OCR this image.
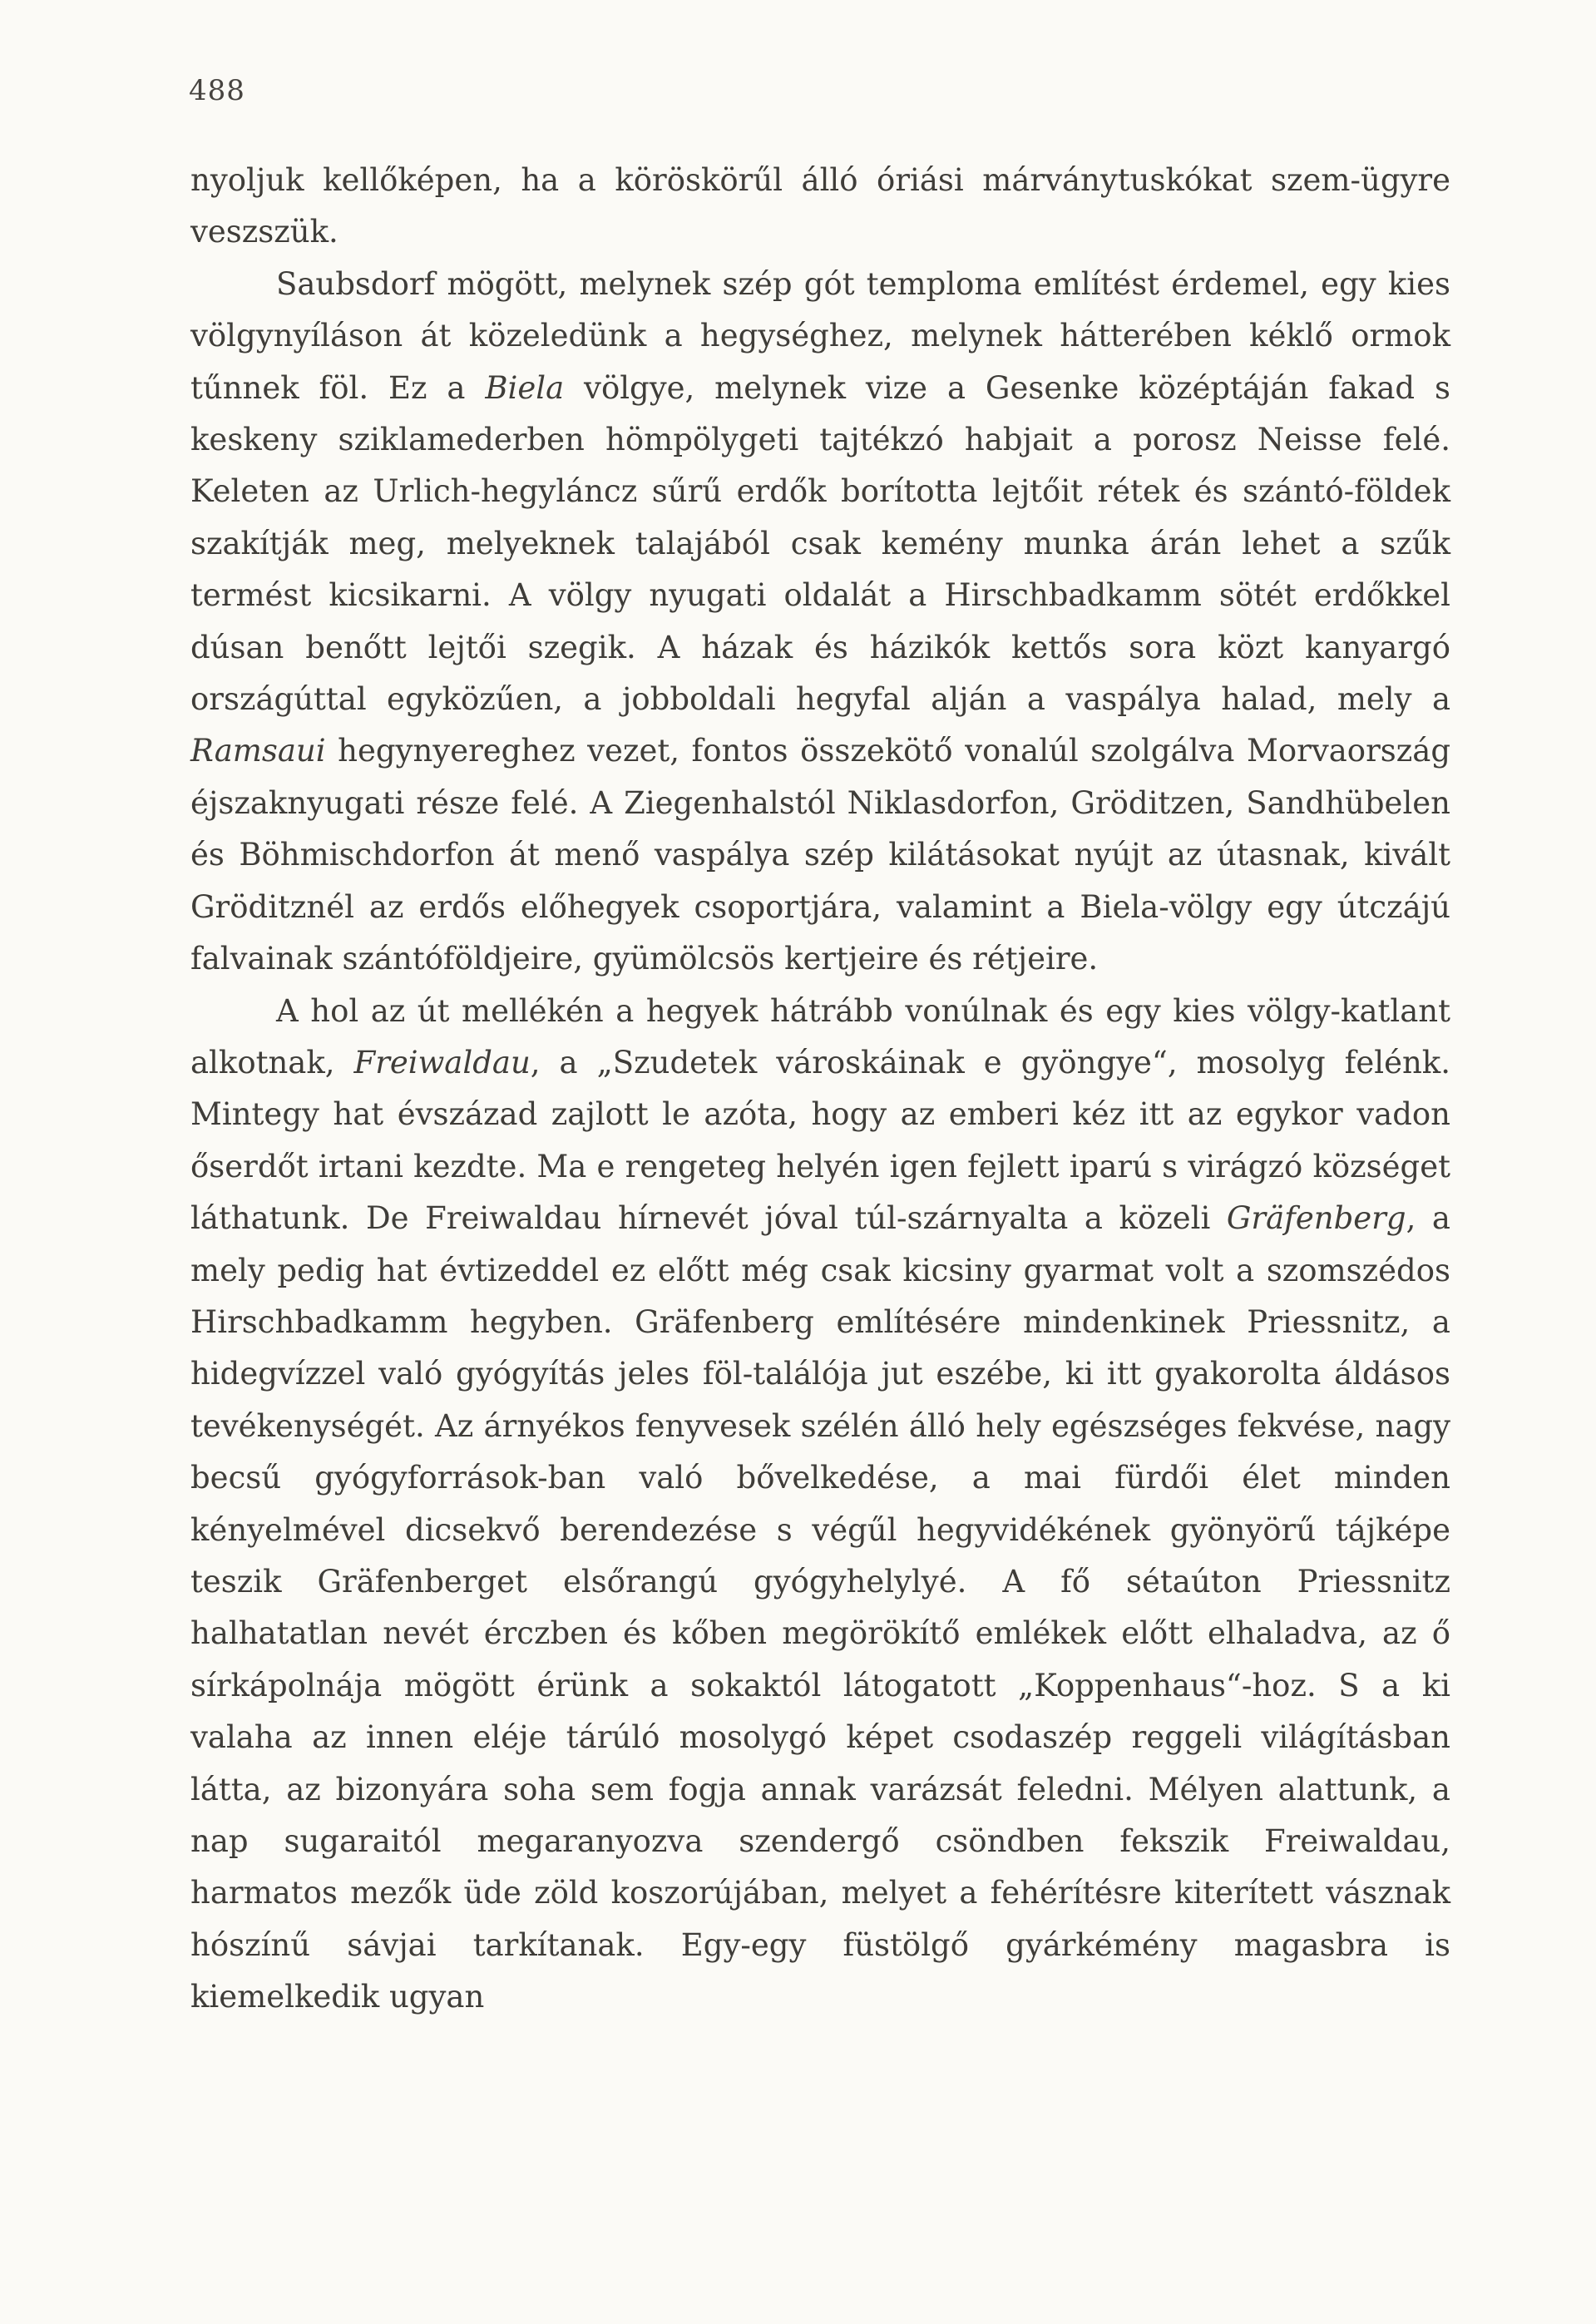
488

nyoljuk kellőképen, ha a köröskörűl álló óriási márványtuskókat szem-ügyre veszszük.

Saubsdorf mögött, melynek szép gót temploma említést érdemel, egy kies völgynyíláson át közeledünk a hegységhez, melynek hátterében kéklő ormok tűnnek föl. Ez a Biela völgye, melynek vize a Gesenke középtáján fakad s keskeny sziklamederben hömpölygeti tajtékzó habjait a porosz Neisse felé. Keleten az Urlich-hegyláncz sűrű erdők borította lejtőit rétek és szántó-földek szakítják meg, melyeknek talajából csak kemény munka árán lehet a szűk termést kicsikarni. A völgy nyugati oldalát a Hirschbadkamm sötét erdőkkel dúsan benőtt lejtői szegik. A házak és házikók kettős sora közt kanyargó országúttal egyközűen, a jobboldali hegyfal alján a vaspálya halad, mely a Ramsaui hegynyereghez vezet, fontos összekötő vonalúl szolgálva Morvaország éjszaknyugati része felé. A Ziegenhalstól Niklasdorfon, Gröditzen, Sandhübelen és Böhmischdorfon át menő vaspálya szép kilátásokat nyújt az útasnak, kivált Gröditznél az erdős előhegyek csoportjára, valamint a Biela-völgy egy útczájú falvainak szántóföldjeire, gyümölcsös kertjeire és rétjeire.

A hol az út mellékén a hegyek hátrább vonúlnak és egy kies völgy-katlant alkotnak, Freiwaldau, a „Szudetek városkáinak e gyöngye“, mosolyg felénk. Mintegy hat évszázad zajlott le azóta, hogy az emberi kéz itt az egykor vadon őserdőt irtani kezdte. Ma e rengeteg helyén igen fejlett iparú s virágzó községet láthatunk. De Freiwaldau hírnevét jóval túl-szárnyalta a közeli Gräfenberg, a mely pedig hat évtizeddel ez előtt még csak kicsiny gyarmat volt a szomszédos Hirschbadkamm hegyben. Gräfenberg említésére mindenkinek Priessnitz, a hidegvízzel való gyógyítás jeles föl-találója jut eszébe, ki itt gyakorolta áldásos tevékenységét. Az árnyékos fenyvesek szélén álló hely egészséges fekvése, nagy becsű gyógyforrások-ban való bővelkedése, a mai fürdői élet minden kényelmével dicsekvő berendezése s végűl hegyvidékének gyönyörű tájképe teszik Gräfenberget elsőrangú gyógyhelylyé. A fő sétaúton Priessnitz halhatatlan nevét érczben és kőben megörökítő emlékek előtt elhaladva, az ő sírkápolnája mögött érünk a sokaktól látogatott „Koppenhaus“-hoz. S a ki valaha az innen eléje tárúló mosolygó képet csodaszép reggeli világításban látta, az bizonyára soha sem fogja annak varázsát feledni. Mélyen alattunk, a nap sugaraitól megaranyozva szendergő csöndben fekszik Freiwaldau, harmatos mezők üde zöld koszorújában, melyet a fehérítésre kiterített vásznak hószínű sávjai tarkítanak. Egy-egy füstölgő gyárkémény magasbra is kiemelkedik ugyan
